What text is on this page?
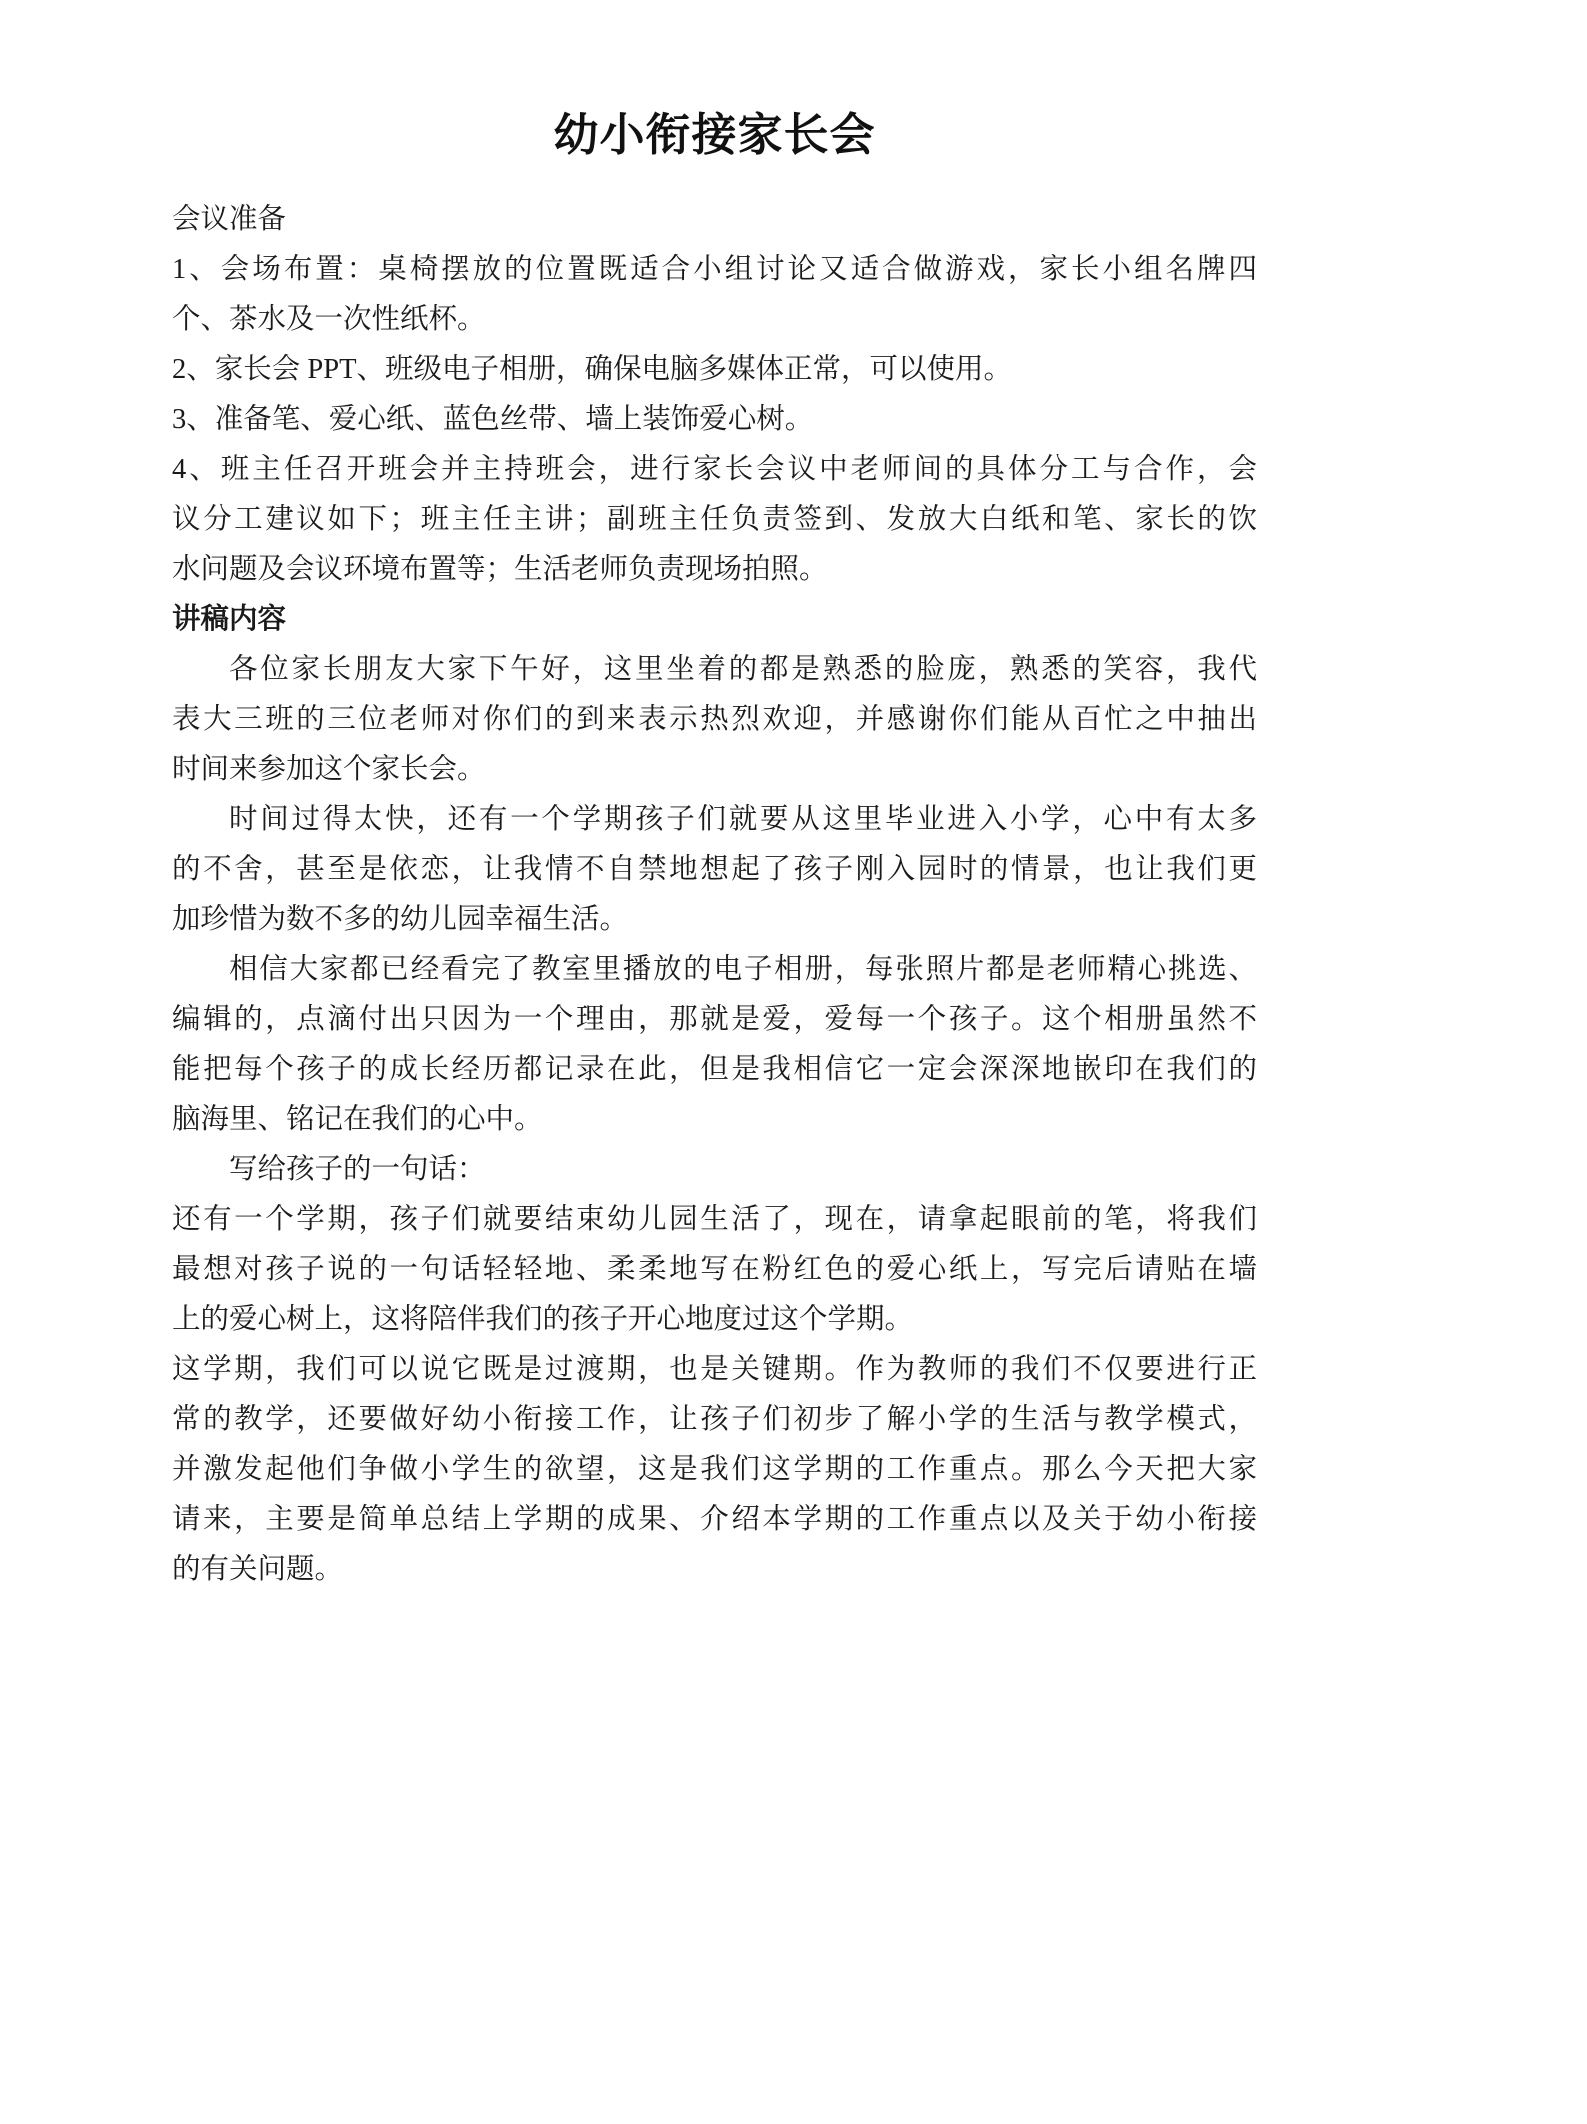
幼小衔接家长会

会议准备

1、会场布置：桌椅摆放的位置既适合小组讨论又适合做游戏，家长小组名牌四

个、茶水及一次性纸杯。

2、家长会 PPT、班级电子相册，确保电脑多媒体正常，可以使用。

3、准备笔、爱心纸、蓝色丝带、墙上装饰爱心树。

4、班主任召开班会并主持班会，进行家长会议中老师间的具体分工与合作，会

议分工建议如下；班主任主讲；副班主任负责签到、发放大白纸和笔、家长的饮

水问题及会议环境布置等；生活老师负责现场拍照。

讲稿内容

各位家长朋友大家下午好，这里坐着的都是熟悉的脸庞，熟悉的笑容，我代

表大三班的三位老师对你们的到来表示热烈欢迎，并感谢你们能从百忙之中抽出

时间来参加这个家长会。

时间过得太快，还有一个学期孩子们就要从这里毕业进入小学，心中有太多

的不舍，甚至是依恋，让我情不自禁地想起了孩子刚入园时的情景，也让我们更

加珍惜为数不多的幼儿园幸福生活。

相信大家都已经看完了教室里播放的电子相册，每张照片都是老师精心挑选、

编辑的，点滴付出只因为一个理由，那就是爱，爱每一个孩子。这个相册虽然不

能把每个孩子的成长经历都记录在此，但是我相信它一定会深深地嵌印在我们的

脑海里、铭记在我们的心中。

写给孩子的一句话：

还有一个学期，孩子们就要结束幼儿园生活了，现在，请拿起眼前的笔，将我们

最想对孩子说的一句话轻轻地、柔柔地写在粉红色的爱心纸上，写完后请贴在墙

上的爱心树上，这将陪伴我们的孩子开心地度过这个学期。

这学期，我们可以说它既是过渡期，也是关键期。作为教师的我们不仅要进行正

常的教学，还要做好幼小衔接工作，让孩子们初步了解小学的生活与教学模式，

并激发起他们争做小学生的欲望，这是我们这学期的工作重点。那么今天把大家

请来，主要是简单总结上学期的成果、介绍本学期的工作重点以及关于幼小衔接

的有关问题。
